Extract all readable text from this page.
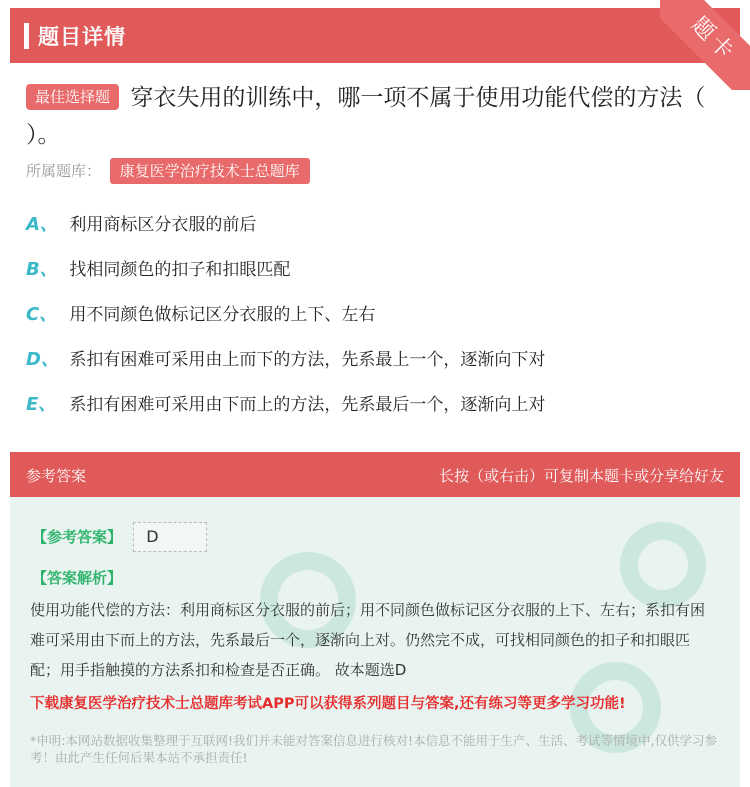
题目详情	题卡
最佳选择题 穿衣失用的训练中，哪一项不属于使用功能代偿的方法（ ）。
所属题库： 康复医学治疗技术士总题库
A、 利用商标区分衣服的前后
B、 找相同颜色的扣子和扣眼匹配
C、 用不同颜色做标记区分衣服的上下、左右
D、 系扣有困难可采用由上而下的方法，先系最上一个，逐渐向下对
E、 系扣有困难可采用由下而上的方法，先系最后一个，逐渐向上对
参考答案	长按（或右击）可复制本题卡或分享给好友
【参考答案】 D
【答案解析】
使用功能代偿的方法：利用商标区分衣服的前后；用不同颜色做标记区分衣服的上下、左右；系扣有困难可采用由下而上的方法，先系最后一个，逐渐向上对。仍然完不成，可找相同颜色的扣子和扣眼匹配；用手指触摸的方法系扣和检查是否正确。 故本题选D
下载康复医学治疗技术士总题库考试APP可以获得系列题目与答案,还有练习等更多学习功能!
*申明:本网站数据收集整理于互联网!我们并未能对答案信息进行核对!本信息不能用于生产、生活、考试等情境中,仅供学习参考！由此产生任何后果本站不承担责任!
